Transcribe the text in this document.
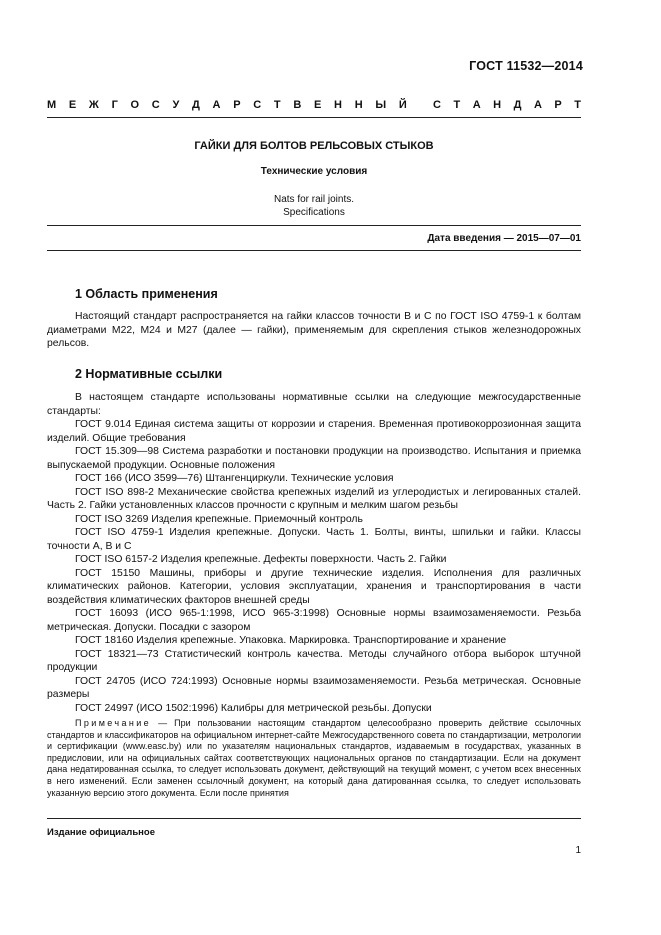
ГОСТ 11532—2014
М Е Ж Г О С У Д А Р С Т В Е Н Н Ы Й С Т А Н Д А Р Т
ГАЙКИ ДЛЯ БОЛТОВ РЕЛЬСОВЫХ СТЫКОВ
Технические условия
Nats for rail joints.
Specifications
Дата введения — 2015—07—01
1 Область применения

Настоящий стандарт распространяется на гайки классов точности В и С по ГОСТ ISO 4759-1 к болтам диаметрами М22, М24 и М27 (далее — гайки), применяемым для скрепления стыков железнодорожных рельсов.

2 Нормативные ссылки

В настоящем стандарте использованы нормативные ссылки на следующие межгосударственные стандарты:

ГОСТ 9.014 Единая система защиты от коррозии и старения. Временная противокоррозионная защита изделий. Общие требования

ГОСТ 15.309—98 Система разработки и постановки продукции на производство. Испытания и приемка выпускаемой продукции. Основные положения

ГОСТ 166 (ИСО 3599—76) Штангенциркули. Технические условия

ГОСТ ISO 898-2 Механические свойства крепежных изделий из углеродистых и легированных сталей. Часть 2. Гайки установленных классов прочности с крупным и мелким шагом резьбы

ГОСТ ISO 3269 Изделия крепежные. Приемочный контроль

ГОСТ ISO 4759-1 Изделия крепежные. Допуски. Часть 1. Болты, винты, шпильки и гайки. Классы точности А, В и С

ГОСТ ISO 6157-2 Изделия крепежные. Дефекты поверхности. Часть 2. Гайки

ГОСТ 15150 Машины, приборы и другие технические изделия. Исполнения для различных климатических районов. Категории, условия эксплуатации, хранения и транспортирования в части воздействия климатических факторов внешней среды

ГОСТ 16093 (ИСО 965-1:1998, ИСО 965-3:1998) Основные нормы взаимозаменяемости. Резьба метрическая. Допуски. Посадки с зазором

ГОСТ 18160 Изделия крепежные. Упаковка. Маркировка. Транспортирование и хранение

ГОСТ 18321—73 Статистический контроль качества. Методы случайного отбора выборок штучной продукции

ГОСТ 24705 (ИСО 724:1993) Основные нормы взаимозаменяемости. Резьба метрическая. Основные размеры

ГОСТ 24997 (ИСО 1502:1996) Калибры для метрической резьбы. Допуски

Примечание — При пользовании настоящим стандартом целесообразно проверить действие ссылочных стандартов и классификаторов на официальном интернет-сайте Межгосударственного совета по стандартизации, метрологии и сертификации (www.easc.by) или по указателям национальных стандартов, издаваемым в государствах, указанных в предисловии, или на официальных сайтах соответствующих национальных органов по стандартизации. Если на документ дана недатированная ссылка, то следует использовать документ, действующий на текущий момент, с учетом всех внесенных в него изменений. Если заменен ссылочный документ, на который дана датированная ссылка, то следует использовать указанную версию этого документа. Если после принятия
Издание официальное
1
